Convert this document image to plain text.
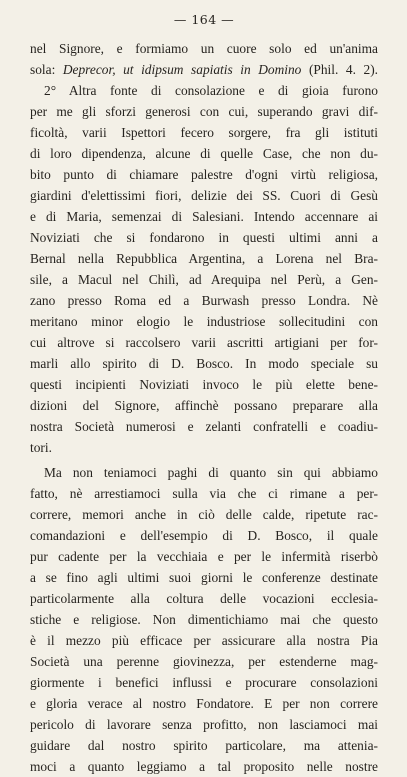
— 164 —
nel Signore, e formiamo un cuore solo ed un'anima
sola: Deprecor, ut idipsum sapiatis in Domino (Phil. 4. 2).
2° Altra fonte di consolazione e di gioia furono
per me gli sforzi generosi con cui, superando gravi dif-
ficoltà, varii Ispettori fecero sorgere, fra gli istituti
di loro dipendenza, alcune di quelle Case, che non du-
bito punto di chiamare palestre d'ogni virtù religiosa,
giardini d'elettissimi fiori, delizie dei SS. Cuori di Gesù
e di Maria, semenzai di Salesiani. Intendo accennare ai
Noviziati che si fondarono in questi ultimi anni a
Bernal nella Repubblica Argentina, a Lorena nel Bra-
sile, a Macul nel Chilì, ad Arequipa nel Perù, a Gen-
zano presso Roma ed a Burwash presso Londra. Nè
meritano minor elogio le industriose sollecitudini con
cui altrove si raccolsero varii ascritti artigiani per for-
marli allo spirito di D. Bosco. In modo speciale su
questi incipienti Noviziati invoco le più elette bene-
dizioni del Signore, affinchè possano preparare alla
nostra Società numerosi e zelanti confratelli e coadiu-
tori.
Ma non teniamoci paghi di quanto sin qui abbiamo
fatto, nè arrestiamoci sulla via che ci rimane a per-
correre, memori anche in ciò delle calde, ripetute rac-
comandazioni e dell'esempio di D. Bosco, il quale
pur cadente per la vecchiaia e per le infermità riserbò
a se fino agli ultimi suoi giorni le conferenze destinate
particolarmente alla coltura delle vocazioni ecclesia-
stiche e religiose. Non dimentichiamo mai che questo
è il mezzo più efficace per assicurare alla nostra Pia
Società una perenne giovinezza, per estenderne mag-
giormente i benefici influssi e procurare consolazioni
e gloria verace al nostro Fondatore. E per non correre
pericolo di lavorare senza profitto, non lasciamoci mai
guidare dal nostro spirito particolare, ma attenia-
moci a quanto leggiamo a tal proposito nelle nostre
